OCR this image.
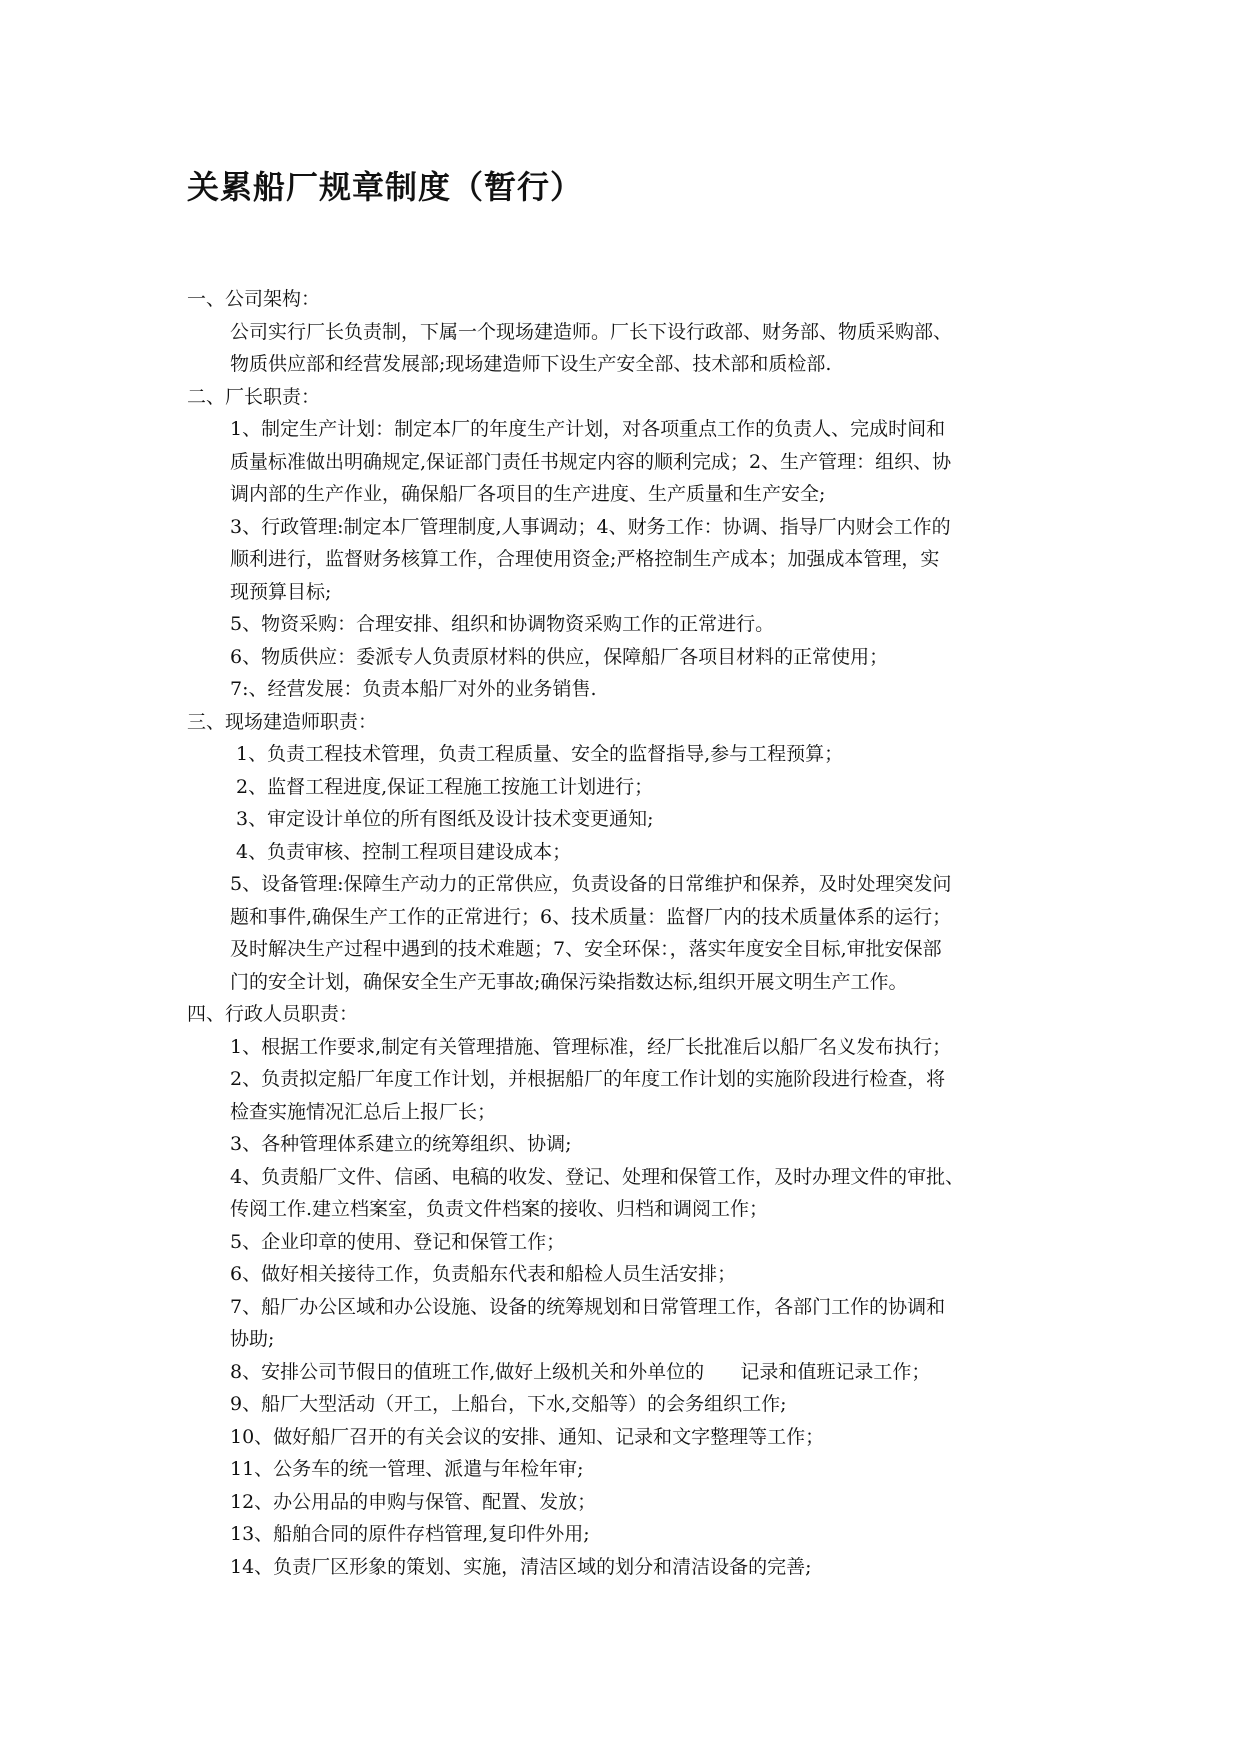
关累船厂规章制度（暂行）
一、公司架构：
公司实行厂长负责制，下属一个现场建造师。厂长下设行政部、财务部、物质采购部、
物质供应部和经营发展部;现场建造师下设生产安全部、技术部和质检部.
二、厂长职责：
1、制定生产计划：制定本厂的年度生产计划，对各项重点工作的负责人、完成时间和
质量标准做出明确规定,保证部门责任书规定内容的顺利完成；2、生产管理：组织、协
调内部的生产作业，确保船厂各项目的生产进度、生产质量和生产安全;
3、行政管理:制定本厂管理制度,人事调动；4、财务工作：协调、指导厂内财会工作的
顺利进行，监督财务核算工作，合理使用资金;严格控制生产成本；加强成本管理，实
现预算目标;
5、物资采购：合理安排、组织和协调物资采购工作的正常进行。
6、物质供应：委派专人负责原材料的供应，保障船厂各项目材料的正常使用；
7:、经营发展：负责本船厂对外的业务销售.
三、现场建造师职责：
1、负责工程技术管理，负责工程质量、安全的监督指导,参与工程预算；
2、监督工程进度,保证工程施工按施工计划进行；
3、审定设计单位的所有图纸及设计技术变更通知;
4、负责审核、控制工程项目建设成本；
5、设备管理:保障生产动力的正常供应，负责设备的日常维护和保养，及时处理突发问
题和事件,确保生产工作的正常进行；6、技术质量：监督厂内的技术质量体系的运行；
及时解决生产过程中遇到的技术难题；7、安全环保：，落实年度安全目标,审批安保部
门的安全计划，确保安全生产无事故;确保污染指数达标,组织开展文明生产工作。
四、行政人员职责：
1、根据工作要求,制定有关管理措施、管理标准，经厂长批准后以船厂名义发布执行；
2、负责拟定船厂年度工作计划，并根据船厂的年度工作计划的实施阶段进行检查，将
检查实施情况汇总后上报厂长；
3、各种管理体系建立的统筹组织、协调;
4、负责船厂文件、信函、电稿的收发、登记、处理和保管工作，及时办理文件的审批、
传阅工作.建立档案室，负责文件档案的接收、归档和调阅工作；
5、企业印章的使用、登记和保管工作；
6、做好相关接待工作，负责船东代表和船检人员生活安排；
7、船厂办公区域和办公设施、设备的统筹规划和日常管理工作，各部门工作的协调和
协助;
8、安排公司节假日的值班工作,做好上级机关和外单位的      记录和值班记录工作；
9、船厂大型活动（开工，上船台，下水,交船等）的会务组织工作;
10、做好船厂召开的有关会议的安排、通知、记录和文字整理等工作；
11、公务车的统一管理、派遣与年检年审;
12、办公用品的申购与保管、配置、发放；
13、船舶合同的原件存档管理,复印件外用;
14、负责厂区形象的策划、实施，清洁区域的划分和清洁设备的完善;
